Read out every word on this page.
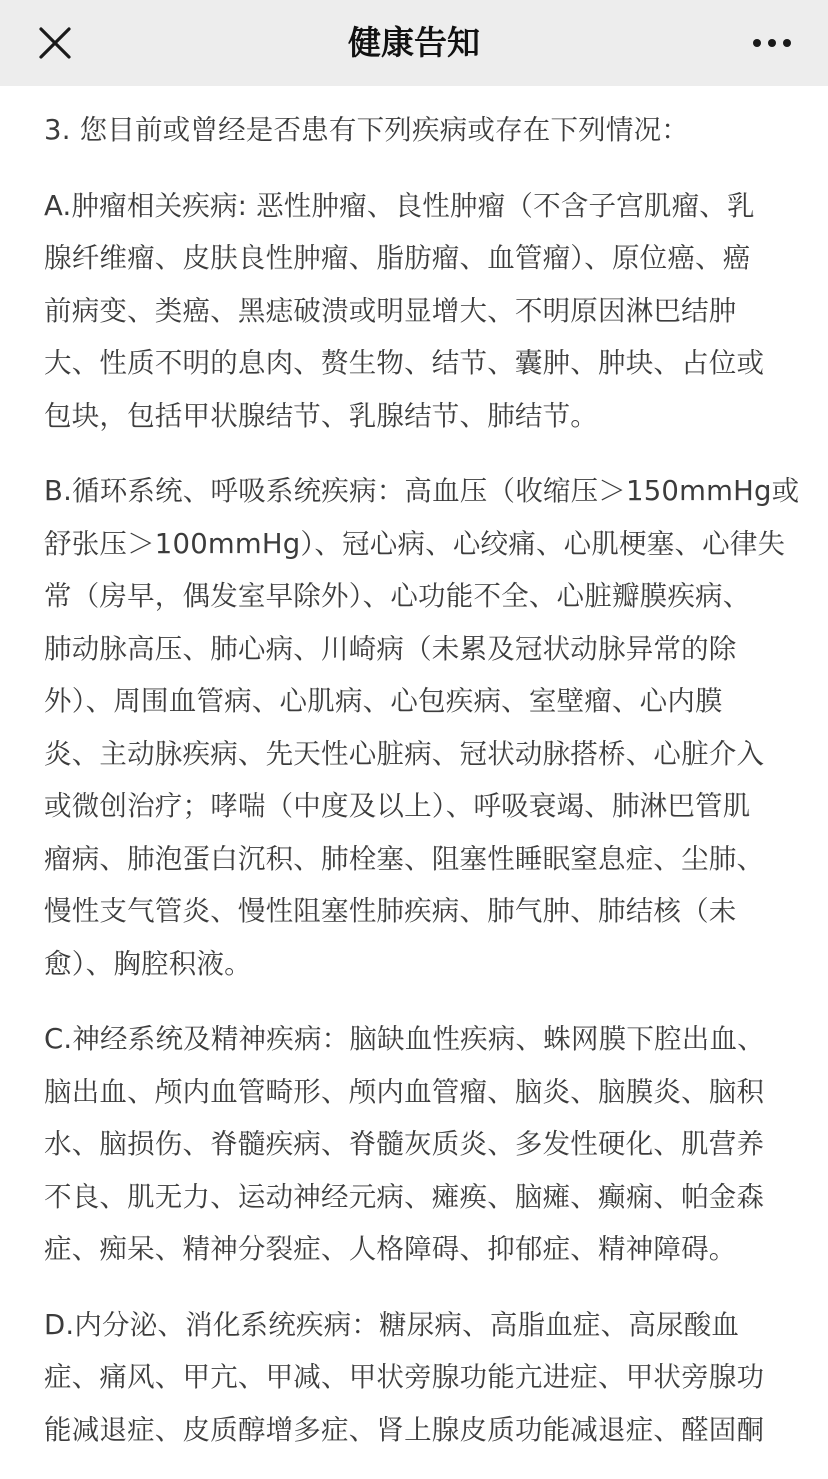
健康告知

3. 您目前或曾经是否患有下列疾病或存在下列情况：

A.肿瘤相关疾病: 恶性肿瘤、良性肿瘤（不含子宫肌瘤、乳
腺纤维瘤、皮肤良性肿瘤、脂肪瘤、血管瘤）、原位癌、癌
前病变、类癌、黑痣破溃或明显增大、不明原因淋巴结肿
大、性质不明的息肉、赘生物、结节、囊肿、肿块、占位或
包块，包括甲状腺结节、乳腺结节、肺结节。
B.循环系统、呼吸系统疾病：高血压（收缩压＞150mmHg或
舒张压＞100mmHg）、冠心病、心绞痛、心肌梗塞、心律失
常（房早，偶发室早除外）、心功能不全、心脏瓣膜疾病、
肺动脉高压、肺心病、川崎病（未累及冠状动脉异常的除
外）、周围血管病、心肌病、心包疾病、室壁瘤、心内膜
炎、主动脉疾病、先天性心脏病、冠状动脉搭桥、心脏介入
或微创治疗；哮喘（中度及以上）、呼吸衰竭、肺淋巴管肌
瘤病、肺泡蛋白沉积、肺栓塞、阻塞性睡眠窒息症、尘肺、
慢性支气管炎、慢性阻塞性肺疾病、肺气肿、肺结核（未
愈）、胸腔积液。
C.神经系统及精神疾病：脑缺血性疾病、蛛网膜下腔出血、
脑出血、颅内血管畸形、颅内血管瘤、脑炎、脑膜炎、脑积
水、脑损伤、脊髓疾病、脊髓灰质炎、多发性硬化、肌营养
不良、肌无力、运动神经元病、瘫痪、脑瘫、癫痫、帕金森
症、痴呆、精神分裂症、人格障碍、抑郁症、精神障碍。
D.内分泌、消化系统疾病：糖尿病、高脂血症、高尿酸血
症、痛风、甲亢、甲减、甲状旁腺功能亢进症、甲状旁腺功
能减退症、皮质醇增多症、肾上腺皮质功能减退症、醛固酮
